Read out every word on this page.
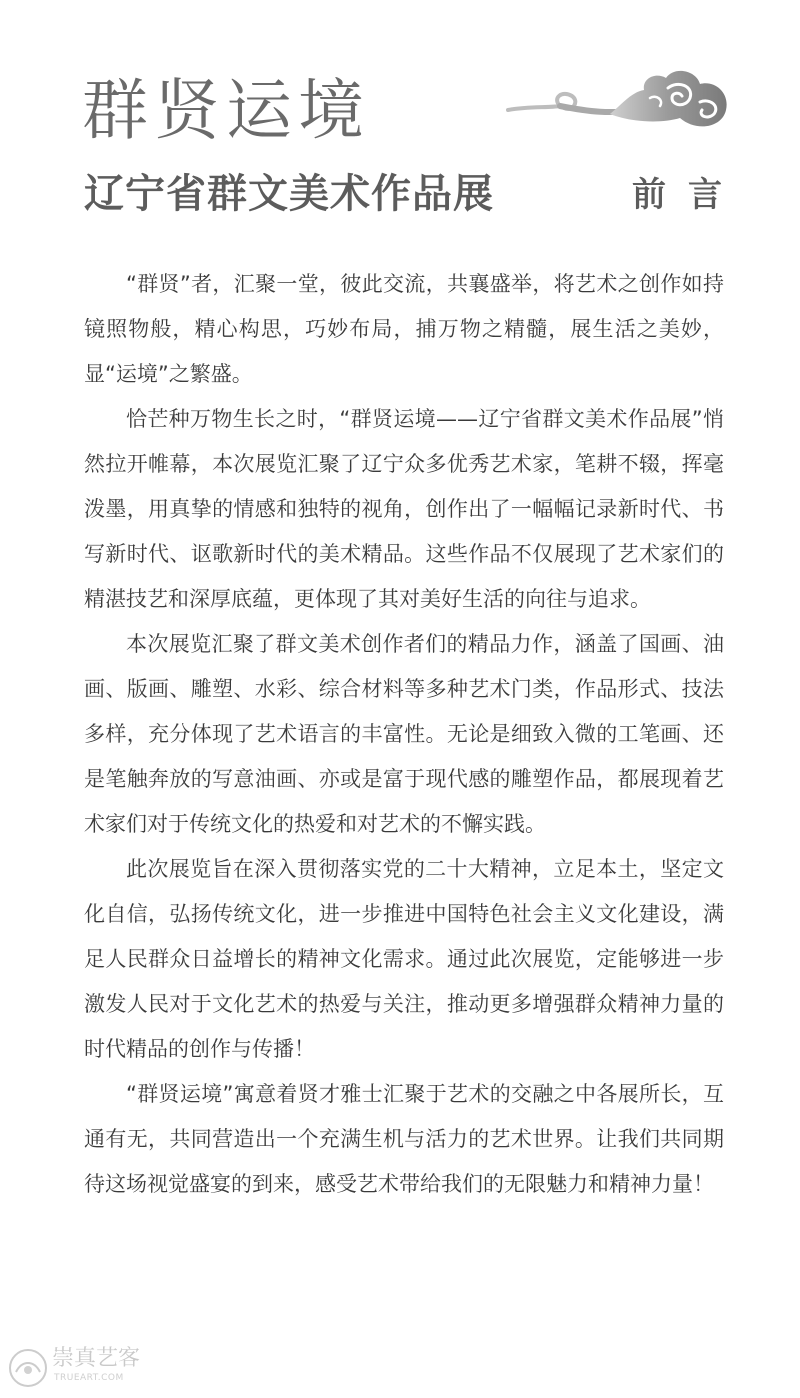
群贤运境
辽宁省群文美术作品展	前言

“群贤”者，汇聚一堂，彼此交流，共襄盛举，将艺术之创作如持镜照物般，精心构思，巧妙布局，捕万物之精髓，展生活之美妙，显“运境”之繁盛。

恰芒种万物生长之时，“群贤运境——辽宁省群文美术作品展”悄然拉开帷幕，本次展览汇聚了辽宁众多优秀艺术家，笔耕不辍，挥毫泼墨，用真挚的情感和独特的视角，创作出了一幅幅记录新时代、书写新时代、讴歌新时代的美术精品。这些作品不仅展现了艺术家们的精湛技艺和深厚底蕴，更体现了其对美好生活的向往与追求。

本次展览汇聚了群文美术创作者们的精品力作，涵盖了国画、油画、版画、雕塑、水彩、综合材料等多种艺术门类，作品形式、技法多样，充分体现了艺术语言的丰富性。无论是细致入微的工笔画、还是笔触奔放的写意油画、亦或是富于现代感的雕塑作品，都展现着艺术家们对于传统文化的热爱和对艺术的不懈实践。

此次展览旨在深入贯彻落实党的二十大精神，立足本土，坚定文化自信，弘扬传统文化，进一步推进中国特色社会主义文化建设，满足人民群众日益增长的精神文化需求。通过此次展览，定能够进一步激发人民对于文化艺术的热爱与关注，推动更多增强群众精神力量的时代精品的创作与传播！

“群贤运境”寓意着贤才雅士汇聚于艺术的交融之中各展所长，互通有无，共同营造出一个充满生机与活力的艺术世界。让我们共同期待这场视觉盛宴的到来，感受艺术带给我们的无限魅力和精神力量！

崇真艺客
TRUEART.COM
